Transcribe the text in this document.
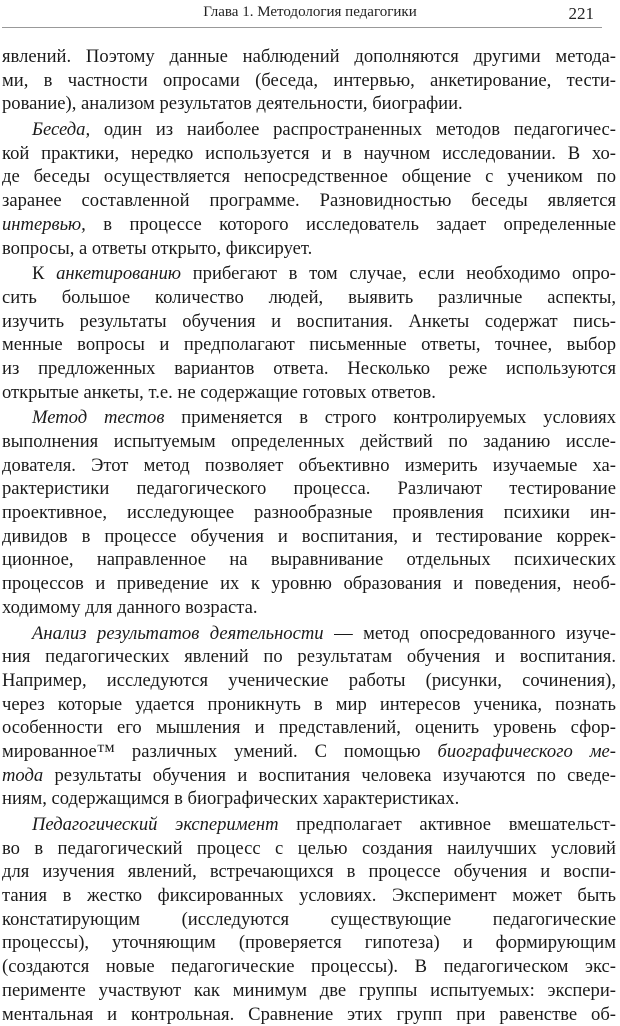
Глава 1. Методология педагогики	221
явлений. Поэтому данные наблюдений дополняются другими метода-
ми, в частности опросами (беседа, интервью, анкетирование, тести-
рование), анализом результатов деятельности, биографии.
Беседа, один из наиболее распространенных методов педагогичес-
кой практики, нередко используется и в научном исследовании. В хо-
де беседы осуществляется непосредственное общение с учеником по
заранее составленной программе. Разновидностью беседы является
интервью, в процессе которого исследователь задает определенные
вопросы, а ответы открыто, фиксирует.
К анкетированию прибегают в том случае, если необходимо опро-
сить большое количество людей, выявить различные аспекты,
изучить результаты обучения и воспитания. Анкеты содержат пись-
менные вопросы и предполагают письменные ответы, точнее, выбор
из предложенных вариантов ответа. Несколько реже используются
открытые анкеты, т.е. не содержащие готовых ответов.
Метод тестов применяется в строго контролируемых условиях
выполнения испытуемым определенных действий по заданию иссле-
дователя. Этот метод позволяет объективно измерить изучаемые ха-
рактеристики педагогического процесса. Различают тестирование
проективное, исследующее разнообразные проявления психики ин-
дивидов в процессе обучения и воспитания, и тестирование коррек-
ционное, направленное на выравнивание отдельных психических
процессов и приведение их к уровню образования и поведения, необ-
ходимому для данного возраста.
Анализ результатов деятельности — метод опосредованного изуче-
ния педагогических явлений по результатам обучения и воспитания.
Например, исследуются ученические работы (рисунки, сочинения),
через которые удается проникнуть в мир интересов ученика, познать
особенности его мышления и представлений, оценить уровень сфор-
мированное™ различных умений. С помощью биографического ме-
тода результаты обучения и воспитания человека изучаются по сведе-
ниям, содержащимся в биографических характеристиках.
Педагогический эксперимент предполагает активное вмешательст-
во в педагогический процесс с целью создания наилучших условий
для изучения явлений, встречающихся в процессе обучения и воспи-
тания в жестко фиксированных условиях. Эксперимент может быть
констатирующим (исследуются существующие педагогические
процессы), уточняющим (проверяется гипотеза) и формирующим
(создаются новые педагогические процессы). В педагогическом экс-
перименте участвуют как минимум две группы испытуемых: экспери-
ментальная и контрольная. Сравнение этих групп при равенстве об-
